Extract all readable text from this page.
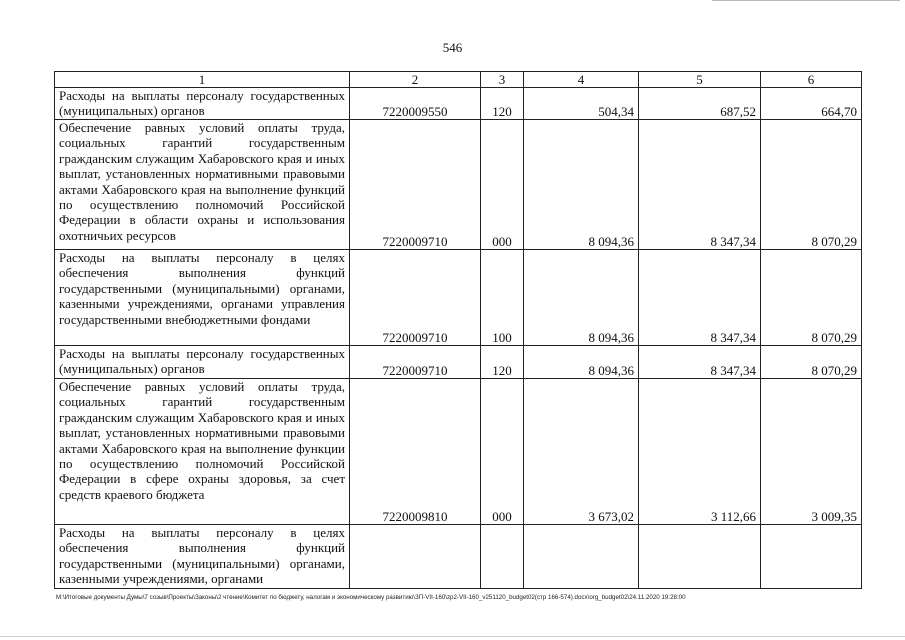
546
1	2	3	4	5	6
Расходы на выплаты персоналу государственных (муниципальных) органов	7220009550	120	504,34	687,52	664,70
Обеспечение равных условий оплаты труда, социальных гарантий государственным гражданским служащим Хабаровского края и иных выплат, установленных нормативными правовыми актами Хабаровского края на выполнение функций по осуществлению полномочий Российской Федерации в области охраны и использования охотничьих ресурсов	7220009710	000	8 094,36	8 347,34	8 070,29
Расходы на выплаты персоналу в целях обеспечения выполнения функций государственными (муниципальными) органами, казенными учреждениями, органами управления государственными внебюджетными фондами	7220009710	100	8 094,36	8 347,34	8 070,29
Расходы на выплаты персоналу государственных (муниципальных) органов	7220009710	120	8 094,36	8 347,34	8 070,29
Обеспечение равных условий оплаты труда, социальных гарантий государственным гражданским служащим Хабаровского края и иных выплат, установленных нормативными правовыми актами Хабаровского края на выполнение функции по осуществлению полномочий Российской Федерации в сфере охраны здоровья, за счет средств краевого бюджета	7220009810	000	3 673,02	3 112,66	3 009,35
Расходы на выплаты персоналу в целях обеспечения выполнения функций государственными (муниципальными) органами, казенными учреждениями, органами					
M:\Итоговые документы Думы\7 созыв\Проекты\Законы\2 чтение\Комитет по бюджету, налогам и экономическому развитию\ЗП-VII-160\zp2-VII-160_v251120_budget02(стр 166-574).docx\org_budget02\24.11.2020 19:28:00
